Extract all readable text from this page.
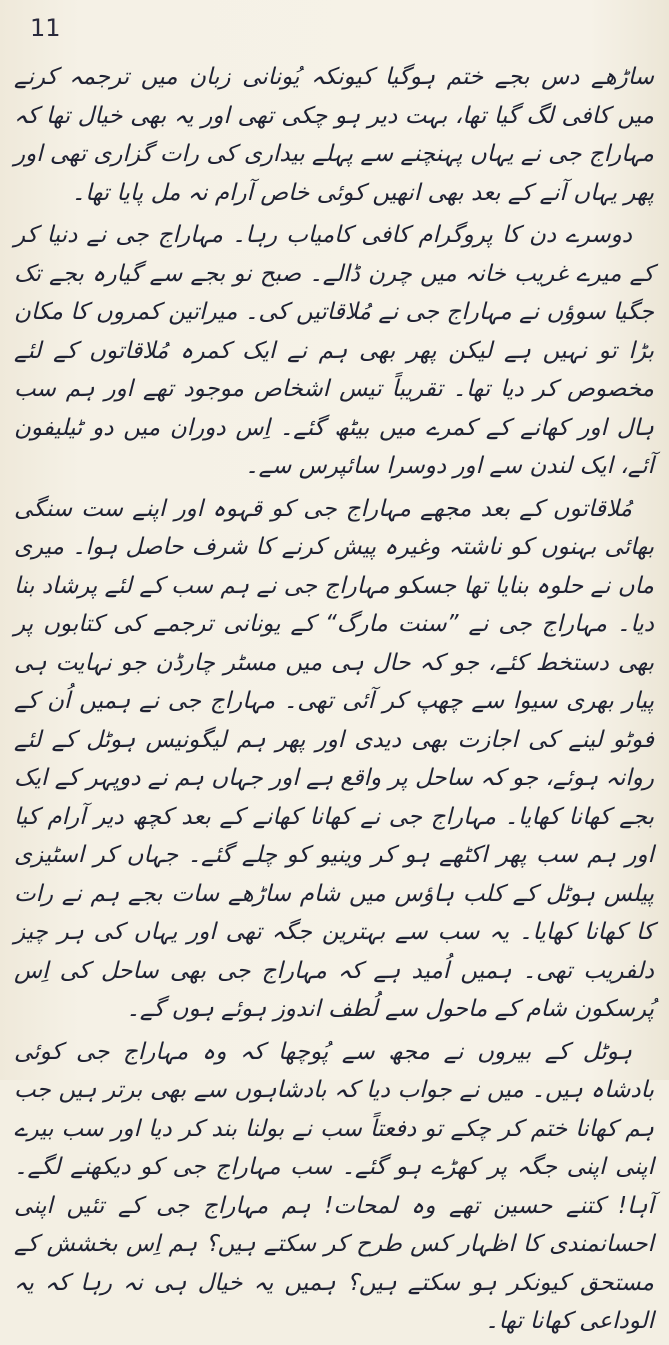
11

ساڑھے دس بجے ختم ہوگیا کیونکہ یُونانی زبان میں ترجمہ کرنے میں کافی لگ گیا تھا، بہت دیر ہو چکی تھی اور یہ بھی خیال تھا کہ مہاراج جی نے یہاں پہنچنے سے پہلے بیداری کی رات گزاری تھی اور پھر یہاں آنے کے بعد بھی انھیں کوئی خاص آرام نہ مل پایا تھا۔

دوسرے دن کا پروگرام کافی کامیاب رہا۔ مہاراج جی نے دنیا کر کے میرے غریب خانہ میں چرن ڈالے۔ صبح نو بجے سے گیارہ بجے تک جگیا سوؤں نے مہاراج جی نے مُلاقاتیں کی۔ میراتین کمروں کا مکان بڑا تو نہیں ہے لیکن پھر بھی ہم نے ایک کمرہ مُلاقاتوں کے لئے مخصوص کر دیا تھا۔ تقریباً تیس اشخاص موجود تھے اور ہم سب ہال اور کھانے کے کمرے میں بیٹھ گئے۔ اِس دوران میں دو ٹیلیفون آئے، ایک لندن سے اور دوسرا سائپرس سے۔

مُلاقاتوں کے بعد مجھے مہاراج جی کو قہوہ اور اپنے ست سنگی بھائی بہنوں کو ناشتہ وغیرہ پیش کرنے کا شرف حاصل ہوا۔ میری ماں نے حلوہ بنایا تھا جسکو مہاراج جی نے ہم سب کے لئے پرشاد بنا دیا۔ مہاراج جی نے ”سنت مارگ“ کے یونانی ترجمے کی کتابوں پر بھی دستخط کئے، جو کہ حال ہی میں مسٹر چارڈن جو نہایت ہی پیار بھری سیوا سے چھپ کر آئی تھی۔ مہاراج جی نے ہمیں اُن کے فوٹو لینے کی اجازت بھی دیدی اور پھر ہم لیگونیس ہوٹل کے لئے روانہ ہوئے، جو کہ ساحل پر واقع ہے اور جہاں ہم نے دوپہر کے ایک بجے کھانا کھایا۔ مہاراج جی نے کھانا کھانے کے بعد کچھ دیر آرام کیا اور ہم سب پھر اکٹھے ہو کر وینیو کو چلے گئے۔ جہاں کر اسٹیزی پیلس ہوٹل کے کلب ہاؤس میں شام ساڑھے سات بجے ہم نے رات کا کھانا کھایا۔ یہ سب سے بہترین جگہ تھی اور یہاں کی ہر چیز دلفریب تھی۔ ہمیں اُمید ہے کہ مہاراج جی بھی ساحل کی اِس پُرسکون شام کے ماحول سے لُطف اندوز ہوئے ہوں گے۔

ہوٹل کے بیروں نے مجھ سے پُوچھا کہ وہ مہاراج جی کوئی بادشاہ ہیں۔ میں نے جواب دیا کہ بادشاہوں سے بھی برتر ہیں جب ہم کھانا ختم کر چکے تو دفعتاً سب نے بولنا بند کر دیا اور سب بیرے اپنی اپنی جگہ پر کھڑے ہو گئے۔ سب مہاراج جی کو دیکھنے لگے۔ آہا! کتنے حسین تھے وہ لمحات! ہم مہاراج جی کے تئیں اپنی احسانمندی کا اظہار کس طرح کر سکتے ہیں؟ ہم اِس بخشش کے مستحق کیونکر ہو سکتے ہیں؟ ہمیں یہ خیال ہی نہ رہا کہ یہ الوداعی کھانا تھا۔
